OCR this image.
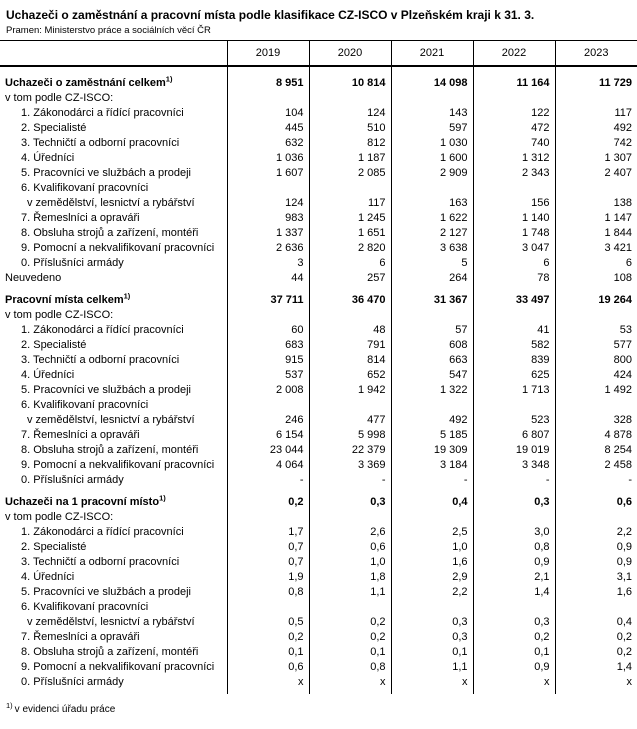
Uchazeči o zaměstnání a pracovní místa podle klasifikace CZ-ISCO v Plzeňském kraji k 31. 3.
Pramen: Ministerstvo práce a sociálních věcí ČR
	2019	2020	2021	2022	2023
Uchazeči o zaměstnání celkem$^{1)}$	8 951	10 814	14 098	11 164	11 729
v tom podle CZ-ISCO:					
1. Zákonodárci a řídící pracovníci	104	124	143	122	117
2. Specialisté	445	510	597	472	492
3. Techničtí a odborní pracovníci	632	812	1 030	740	742
4. Úředníci	1 036	1 187	1 600	1 312	1 307
5. Pracovníci ve službách a prodeji	1 607	2 085	2 909	2 343	2 407
6. Kvalifikovaní pracovníci					
v zemědělství, lesnictví a rybářství	124	117	163	156	138
7. Řemeslníci a opraváři	983	1 245	1 622	1 140	1 147
8. Obsluha strojů a zařízení, montéři	1 337	1 651	2 127	1 748	1 844
9. Pomocní a nekvalifikovaní pracovníci	2 636	2 820	3 638	3 047	3 421
0. Příslušníci armády	3	6	5	6	6
Neuvedeno	44	257	264	78	108
Pracovní místa celkem$^{1)}$	37 711	36 470	31 367	33 497	19 264
v tom podle CZ-ISCO:					
1. Zákonodárci a řídící pracovníci	60	48	57	41	53
2. Specialisté	683	791	608	582	577
3. Techničtí a odborní pracovníci	915	814	663	839	800
4. Úředníci	537	652	547	625	424
5. Pracovníci ve službách a prodeji	2 008	1 942	1 322	1 713	1 492
6. Kvalifikovaní pracovníci					
v zemědělství, lesnictví a rybářství	246	477	492	523	328
7. Řemeslníci a opraváři	6 154	5 998	5 185	6 807	4 878
8. Obsluha strojů a zařízení, montéři	23 044	22 379	19 309	19 019	8 254
9. Pomocní a nekvalifikovaní pracovníci	4 064	3 369	3 184	3 348	2 458
0. Příslušníci armády	-	-	-	-	-
Uchazeči na 1 pracovní místo$^{1)}$	0,2	0,3	0,4	0,3	0,6
v tom podle CZ-ISCO:					
1. Zákonodárci a řídící pracovníci	1,7	2,6	2,5	3,0	2,2
2. Specialisté	0,7	0,6	1,0	0,8	0,9
3. Techničtí a odborní pracovníci	0,7	1,0	1,6	0,9	0,9
4. Úředníci	1,9	1,8	2,9	2,1	3,1
5. Pracovníci ve službách a prodeji	0,8	1,1	2,2	1,4	1,6
6. Kvalifikovaní pracovníci					
v zemědělství, lesnictví a rybářství	0,5	0,2	0,3	0,3	0,4
7. Řemeslníci a opraváři	0,2	0,2	0,3	0,2	0,2
8. Obsluha strojů a zařízení, montéři	0,1	0,1	0,1	0,1	0,2
9. Pomocní a nekvalifikovaní pracovníci	0,6	0,8	1,1	0,9	1,4
0. Příslušníci armády	x	x	x	x	x
$^{1)}$ v evidenci úřadu práce
